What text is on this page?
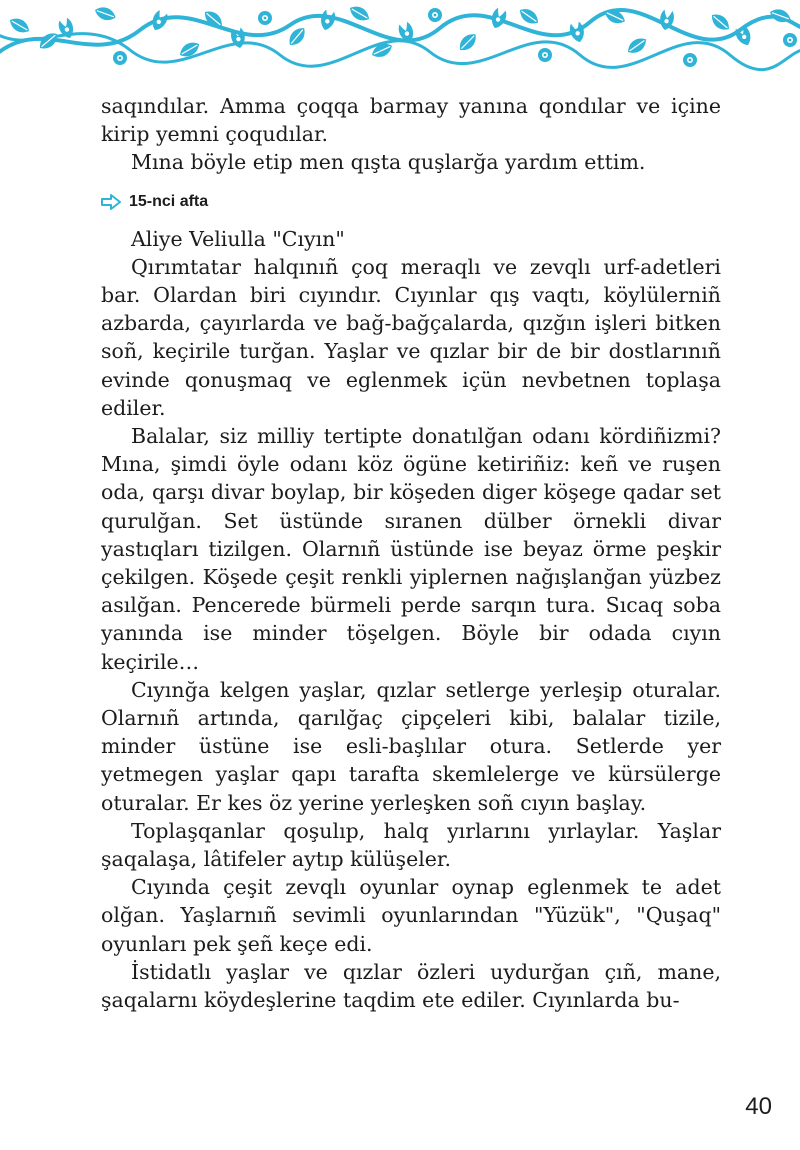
saqındılar. Amma çoqqa barmay yanına qondılar ve içine kirip yemni çoqudılar.

Mına böyle etip men qışta quşlarğa yardım ettim.

15-nci afta

Aliye Veliulla "Cıyın"

Qırımtatar halqınıñ çoq meraqlı ve zevqlı urf-adetleri bar. Olardan biri cıyındır. Cıyınlar qış vaqtı, köylülerniñ azbarda, çayırlarda ve bağ-bağçalarda, qızğın işleri bitken soñ, keçirile turğan. Yaşlar ve qızlar bir de bir dostlarınıñ evinde qonuşmaq ve eglenmek içün nevbetnen toplaşa ediler.

Balalar, siz milliy tertipte donatılğan odanı kördiñizmi? Mına, şimdi öyle odanı köz ögüne ketiriñiz: keñ ve ruşen oda, qarşı divar boylap, bir köşeden diger köşege qadar set qurulğan. Set üstünde sıranen dülber örnekli divar yastıqları tizilgen. Olarnıñ üstünde ise beyaz örme peşkir çekilgen. Köşede çeşit renkli yiplernen nağışlanğan yüzbez asılğan. Pencerede bürmeli perde sarqın tura. Sıcaq soba yanında ise minder töşelgen. Böyle bir odada cıyın keçirile…

Cıyınğa kelgen yaşlar, qızlar setlerge yerleşip oturalar. Olarnıñ artında, qarılğaç çipçeleri kibi, balalar tizile, minder üstüne ise esli-başlılar otura. Setlerde yer yetmegen yaşlar qapı tarafta skemlelerge ve kürsülerge oturalar. Er kes öz yerine yerleşken soñ cıyın başlay.

Toplaşqanlar qoşulıp, halq yırlarını yırlaylar. Yaşlar şaqalaşa, lâtifeler aytıp külüşeler.

Cıyında çeşit zevqlı oyunlar oynap eglenmek te adet olğan. Yaşlarnıñ sevimli oyunlarından "Yüzük", "Quşaq" oyunları pek şeñ keçe edi.

İstidatlı yaşlar ve qızlar özleri uydurğan çıñ, mane, şaqalarnı köydeşlerine taqdim ete ediler. Cıyınlarda bu-

40
